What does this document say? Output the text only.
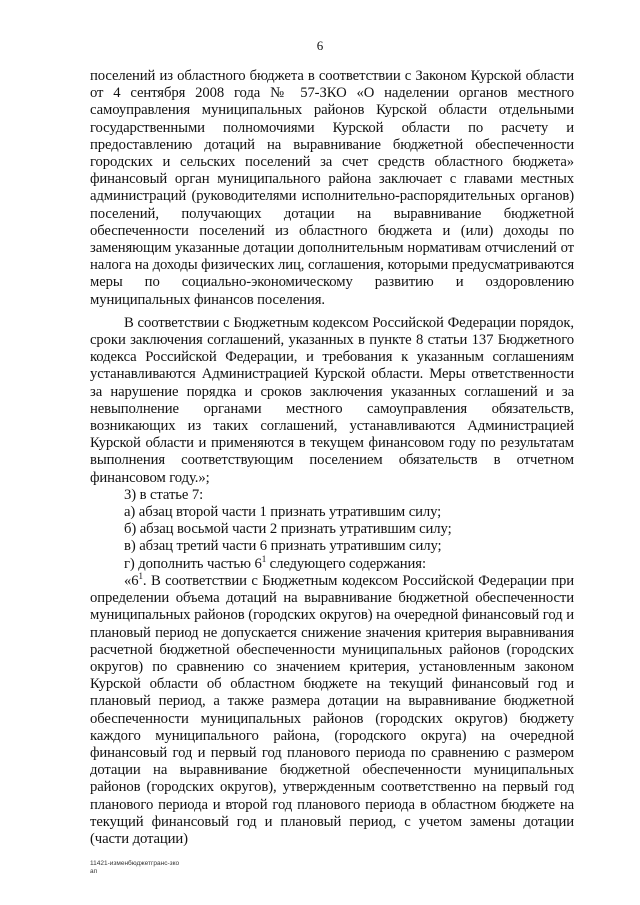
6

поселений из областного бюджета в соответствии с Законом Курской области от 4 сентября 2008 года № 57-ЗКО «О наделении органов местного самоуправления муниципальных районов Курской области отдельными государственными полномочиями Курской области по расчету и предоставлению дотаций на выравнивание бюджетной обеспеченности городских и сельских поселений за счет средств областного бюджета» финансовый орган муниципального района заключает с главами местных администраций (руководителями исполнительно-распорядительных органов) поселений, получающих дотации на выравнивание бюджетной обеспеченности поселений из областного бюджета и (или) доходы по заменяющим указанные дотации дополнительным нормативам отчислений от налога на доходы физических лиц, соглашения, которыми предусматриваются меры по социально-экономическому развитию и оздоровлению муниципальных финансов поселения.

В соответствии с Бюджетным кодексом Российской Федерации порядок, сроки заключения соглашений, указанных в пункте 8 статьи 137 Бюджетного кодекса Российской Федерации, и требования к указанным соглашениям устанавливаются Администрацией Курской области. Меры ответственности за нарушение порядка и сроков заключения указанных соглашений и за невыполнение органами местного самоуправления обязательств, возникающих из таких соглашений, устанавливаются Администрацией Курской области и применяются в текущем финансовом году по результатам выполнения соответствующим поселением обязательств в отчетном финансовом году.»;

3) в статье 7:

а) абзац второй части 1 признать утратившим силу;

б) абзац восьмой части 2 признать утратившим силу;

в) абзац третий части 6 признать утратившим силу;

г) дополнить частью $6^1$ следующего содержания:

«$6^1$. В соответствии с Бюджетным кодексом Российской Федерации при определении объема дотаций на выравнивание бюджетной обеспеченности муниципальных районов (городских округов) на очередной финансовый год и плановый период не допускается снижение значения критерия выравнивания расчетной бюджетной обеспеченности муниципальных районов (городских округов) по сравнению со значением критерия, установленным законом Курской области об областном бюджете на текущий финансовый год и плановый период, а также размера дотации на выравнивание бюджетной обеспеченности муниципальных районов (городских округов) бюджету каждого муниципального района, (городского округа) на очередной финансовый год и первый год планового периода по сравнению с размером дотации на выравнивание бюджетной обеспеченности муниципальных районов (городских округов), утвержденным соответственно на первый год планового периода и второй год планового периода в областном бюджете на текущий финансовый год и плановый период, с учетом замены дотации (части дотации)

11421-изменбюджетгранс-зко
ап
